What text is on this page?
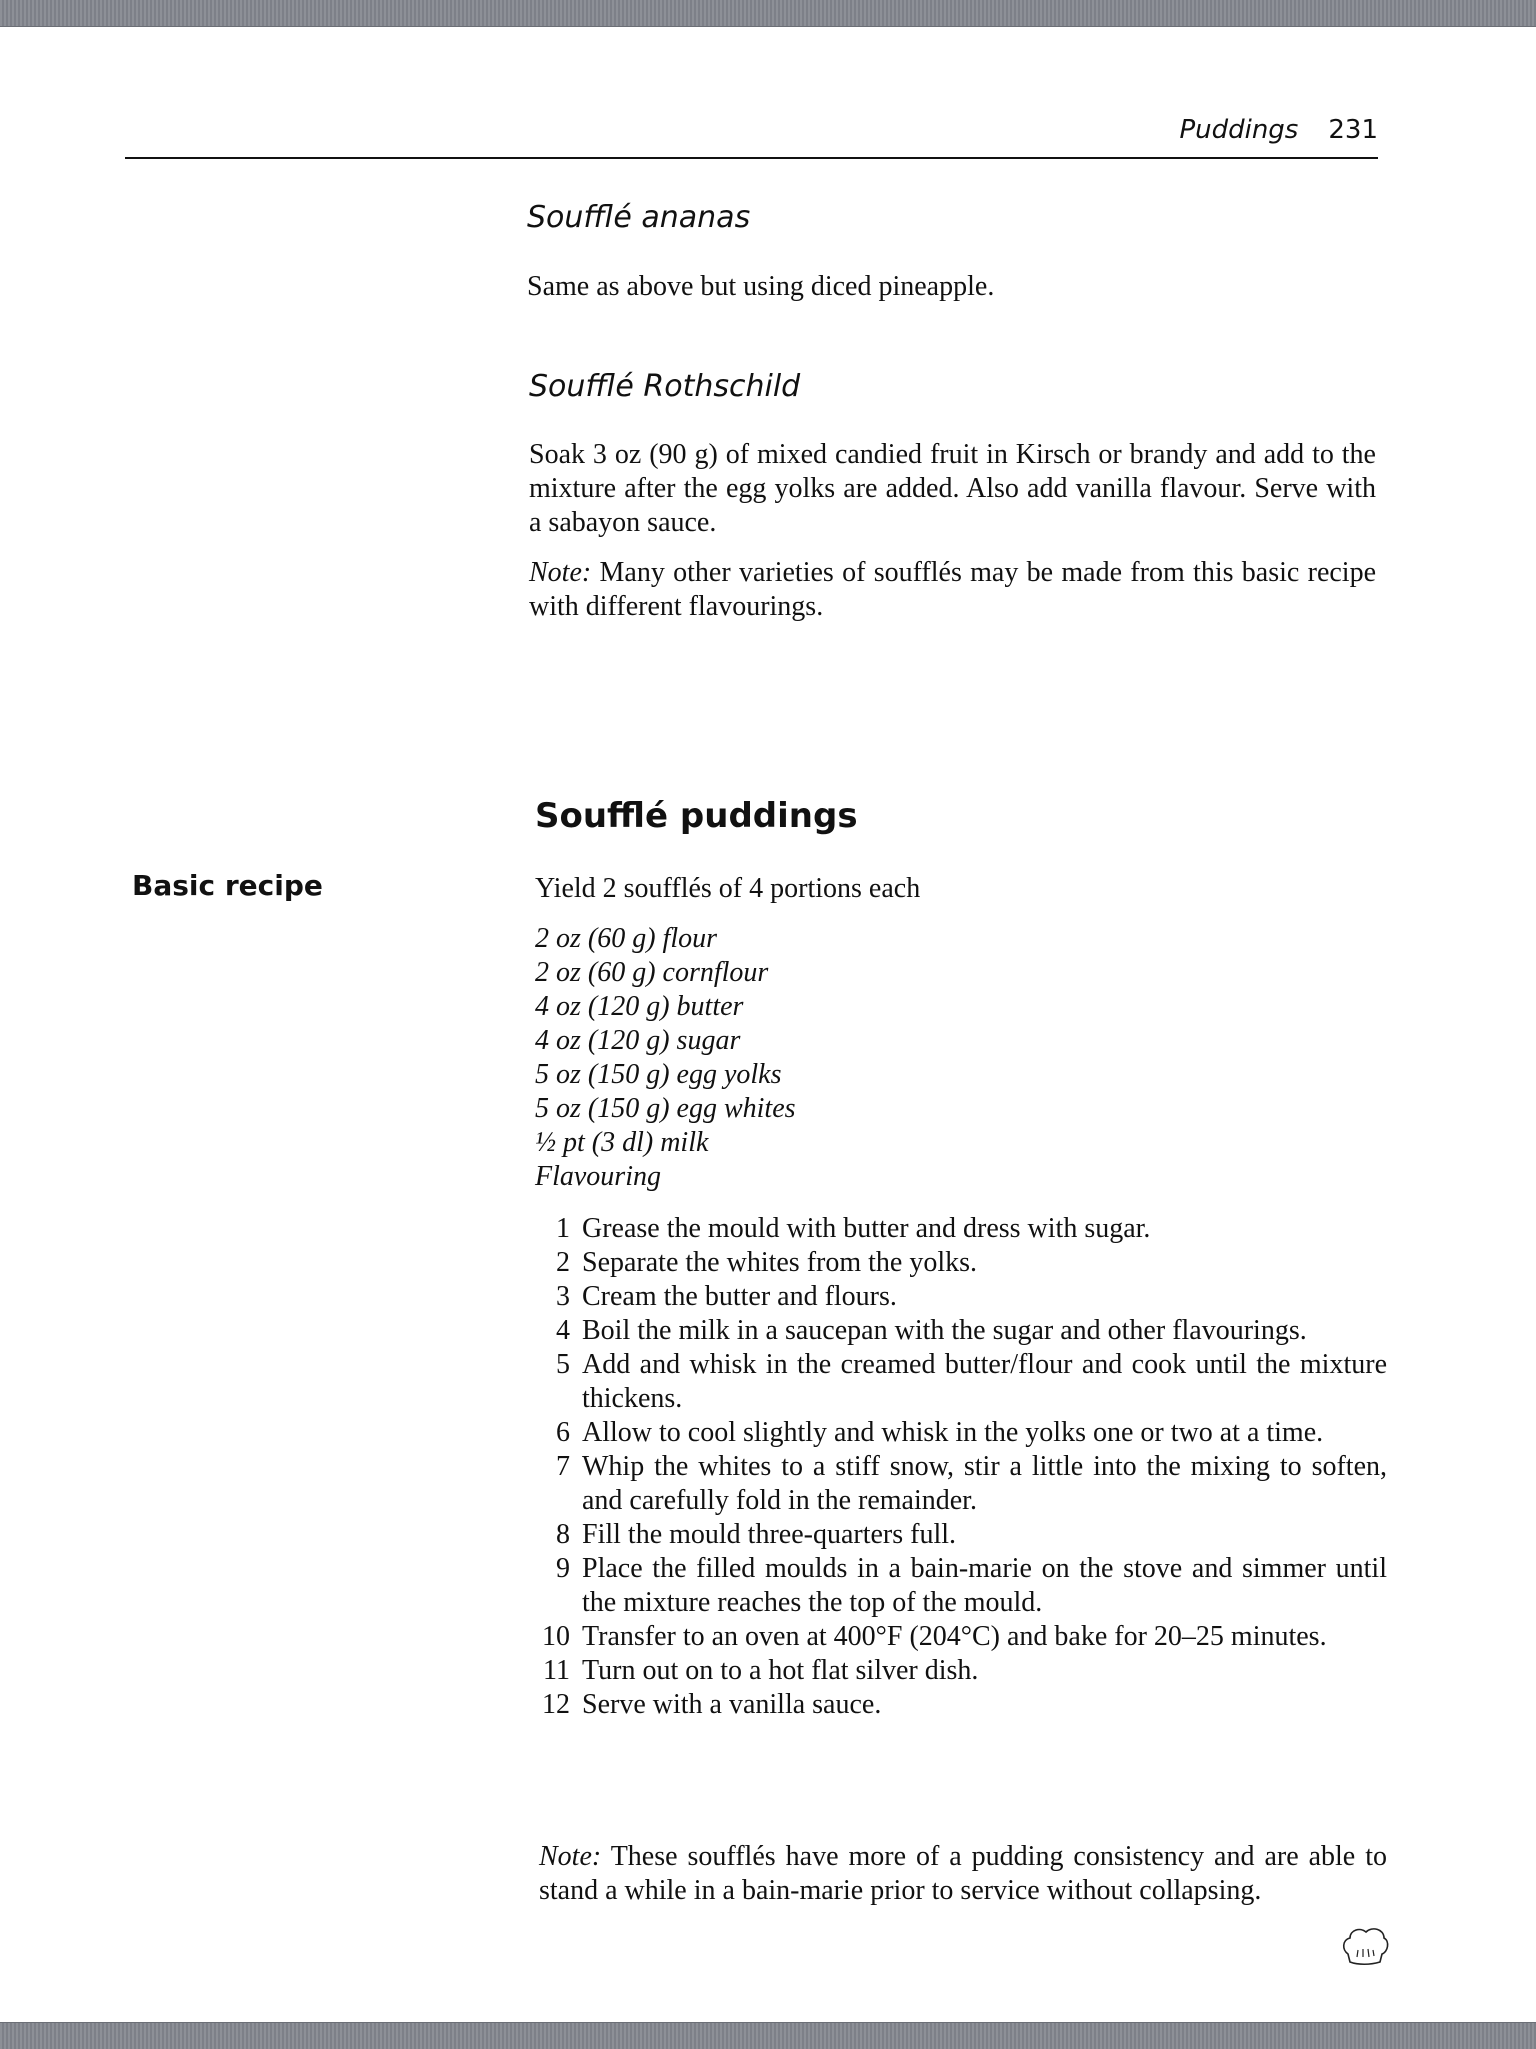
Puddings 231
Soufflé ananas

Same as above but using diced pineapple.

Soufflé Rothschild

Soak 3 oz (90 g) of mixed candied fruit in Kirsch or brandy and add to the mixture after the egg yolks are added. Also add vanilla flavour. Serve with a sabayon sauce.

Note: Many other varieties of soufflés may be made from this basic recipe with different flavourings.

Soufflé puddings

Basic recipe	Yield 2 soufflés of 4 portions each

2 oz (60 g) flour
2 oz (60 g) cornflour
4 oz (120 g) butter
4 oz (120 g) sugar
5 oz (150 g) egg yolks
5 oz (150 g) egg whites
½ pt (3 dl) milk
Flavouring
1 Grease the mould with butter and dress with sugar.
2 Separate the whites from the yolks.
3 Cream the butter and flours.
4 Boil the milk in a saucepan with the sugar and other flavourings.
5 Add and whisk in the creamed butter/flour and cook until the mixture thickens.
6 Allow to cool slightly and whisk in the yolks one or two at a time.
7 Whip the whites to a stiff snow, stir a little into the mixing to soften, and carefully fold in the remainder.
8 Fill the mould three-quarters full.
9 Place the filled moulds in a bain-marie on the stove and simmer until the mixture reaches the top of the mould.
10 Transfer to an oven at 400°F (204°C) and bake for 20–25 minutes.
11 Turn out on to a hot flat silver dish.
12 Serve with a vanilla sauce.

Note: These soufflés have more of a pudding consistency and are able to stand a while in a bain-marie prior to service without collapsing.
